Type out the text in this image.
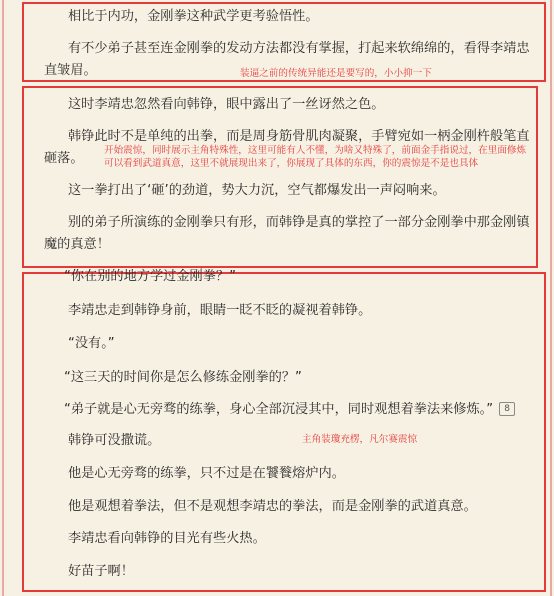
相比于内功，金刚拳这种武学更考验悟性。
有不少弟子甚至连金刚拳的发动方法都没有掌握，打起来软绵绵的，看得李靖忠
直皱眉。	装逼之前的传统异能还是要写的，小小抑一下
这时李靖忠忽然看向韩铮，眼中露出了一丝讶然之色。
韩铮此时不是单纯的出拳，而是周身筋骨肌肉凝聚，手臂宛如一柄金刚杵般笔直
砸落。
开始震惊，同时展示主角特殊性，这里可能有人不懂，为啥又特殊了，前面金手指说过，在里面修炼
可以看到武道真意，这里不就展现出来了，你展现了具体的东西，你的震惊是不是也具体
这一拳打出了‘砸’的劲道，势大力沉，空气都爆发出一声闷响来。
别的弟子所演练的金刚拳只有形，而韩铮是真的掌控了一部分金刚拳中那金刚镇
魔的真意！
“你在别的地方学过金刚拳？”
李靖忠走到韩铮身前，眼睛一眨不眨的凝视着韩铮。
“没有。”
“这三天的时间你是怎么修练金刚拳的？”
“弟子就是心无旁骛的练拳，身心全部沉浸其中，同时观想着拳法来修炼。” 8
韩铮可没撒谎。	主角装瓊充楞，凡尔赛震惊
他是心无旁骛的练拳，只不过是在饕餮熔炉内。
他是观想着拳法，但不是观想李靖忠的拳法，而是金刚拳的武道真意。
李靖忠看向韩铮的目光有些火热。
好苗子啊！
